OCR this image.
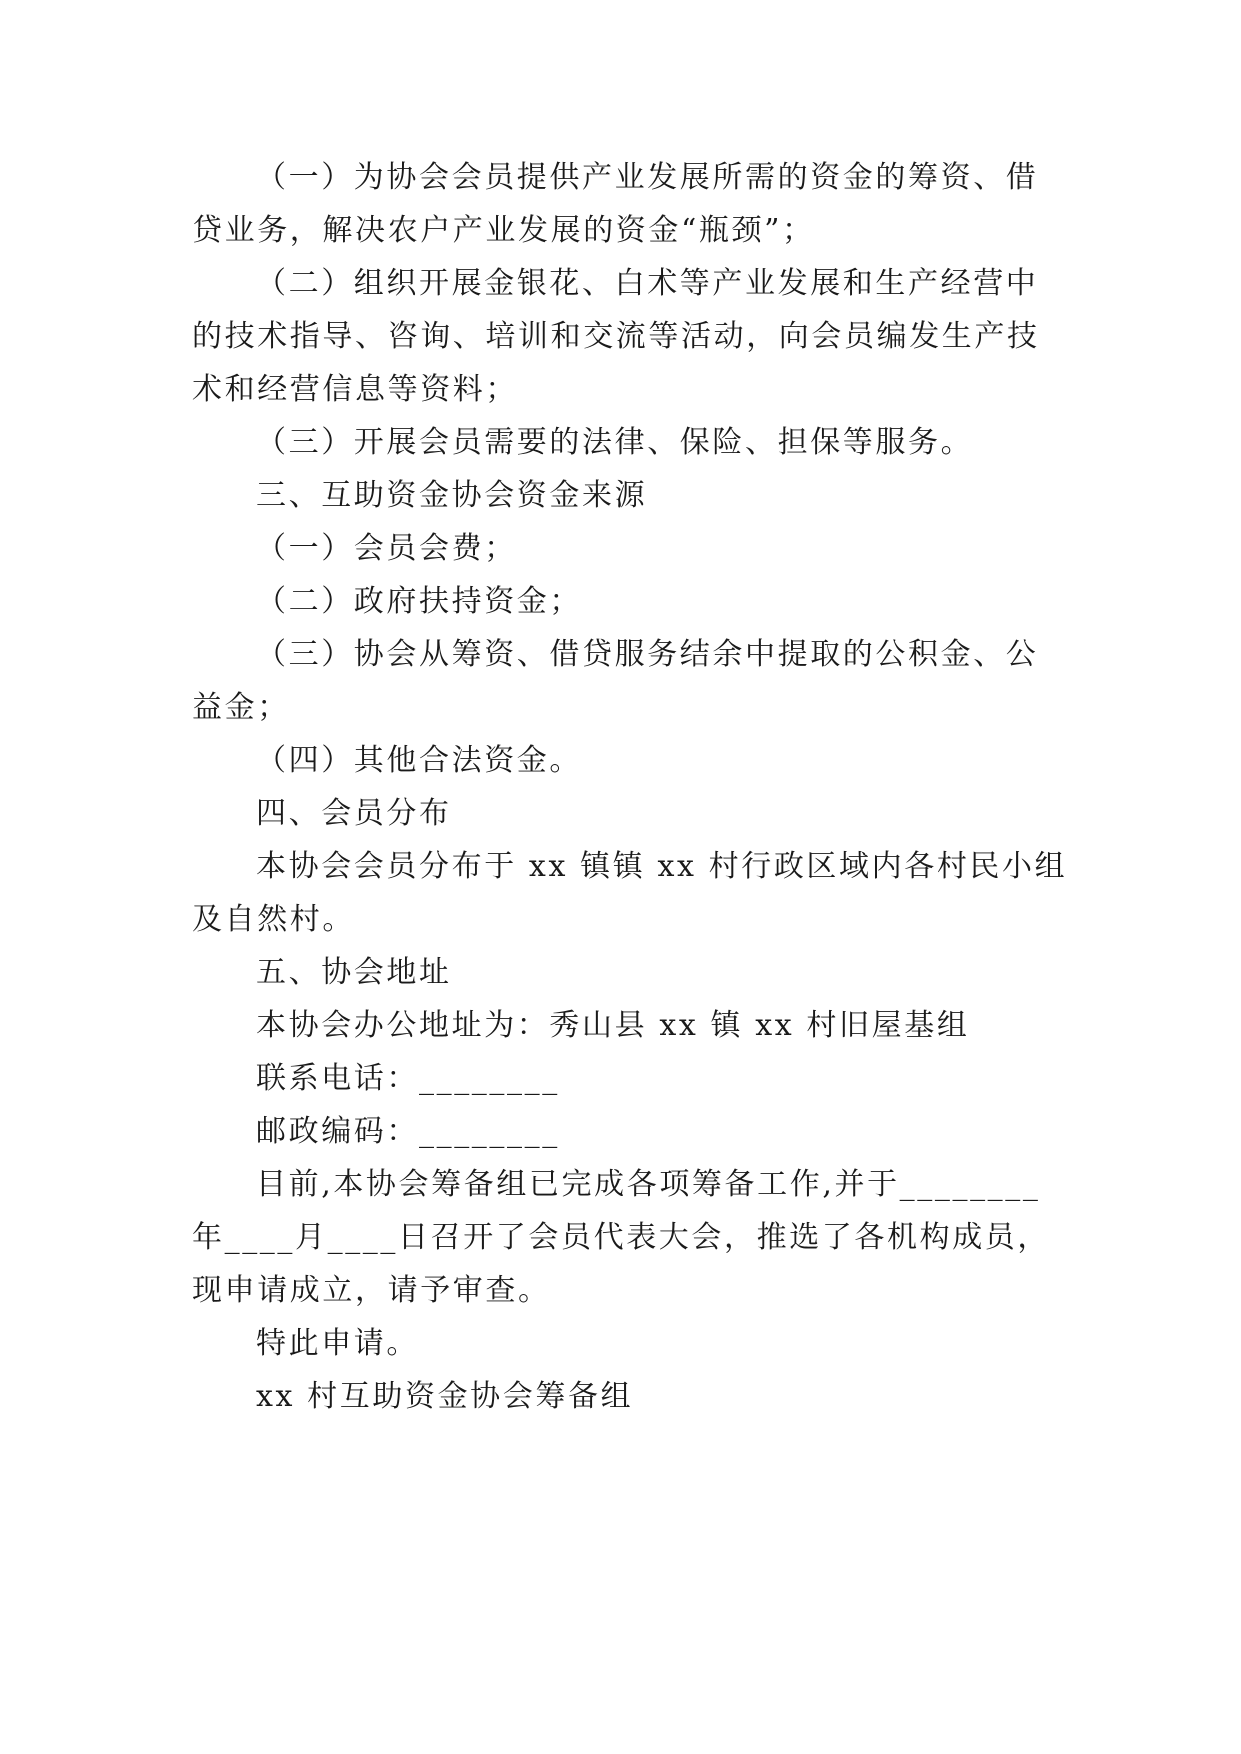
（一）为协会会员提供产业发展所需的资金的筹资、借
贷业务，解决农户产业发展的资金“瓶颈”；
（二）组织开展金银花、白术等产业发展和生产经营中
的技术指导、咨询、培训和交流等活动，向会员编发生产技
术和经营信息等资料；
（三）开展会员需要的法律、保险、担保等服务。
三、互助资金协会资金来源
（一）会员会费；
（二）政府扶持资金；
（三）协会从筹资、借贷服务结余中提取的公积金、公
益金；
（四）其他合法资金。
四、会员分布
本协会会员分布于 xx 镇镇 xx 村行政区域内各村民小组
及自然村。
五、协会地址
本协会办公地址为：秀山县 xx 镇 xx 村旧屋基组
联系电话：________
邮政编码：________
目前,本协会筹备组已完成各项筹备工作,并于________
年____月____日召开了会员代表大会，推选了各机构成员，
现申请成立，请予审查。
特此申请。
xx 村互助资金协会筹备组
